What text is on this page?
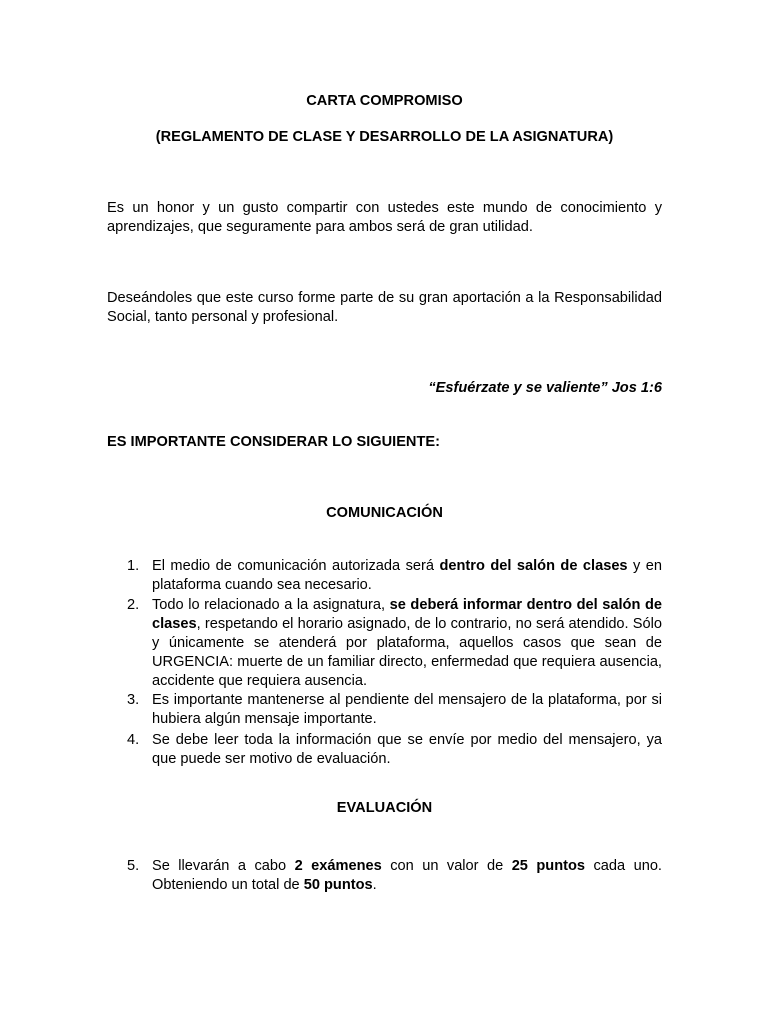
CARTA COMPROMISO
(REGLAMENTO DE CLASE Y DESARROLLO DE LA ASIGNATURA)
Es un honor y un gusto compartir con ustedes este mundo de conocimiento y aprendizajes, que seguramente para ambos será de gran utilidad.
Deseándoles que este curso forme parte de su gran aportación a la Responsabilidad Social, tanto personal y profesional.
“Esfuérzate y se valiente” Jos 1:6
ES IMPORTANTE CONSIDERAR LO SIGUIENTE:
COMUNICACIÓN
1. El medio de comunicación autorizada será dentro del salón de clases y en plataforma cuando sea necesario.
2. Todo lo relacionado a la asignatura, se deberá informar dentro del salón de clases, respetando el horario asignado, de lo contrario, no será atendido. Sólo y únicamente se atenderá por plataforma, aquellos casos que sean de URGENCIA: muerte de un familiar directo, enfermedad que requiera ausencia, accidente que requiera ausencia.
3. Es importante mantenerse al pendiente del mensajero de la plataforma, por si hubiera algún mensaje importante.
4. Se debe leer toda la información que se envíe por medio del mensajero, ya que puede ser motivo de evaluación.
EVALUACIÓN
5. Se llevarán a cabo 2 exámenes con un valor de 25 puntos cada uno. Obteniendo un total de 50 puntos.
